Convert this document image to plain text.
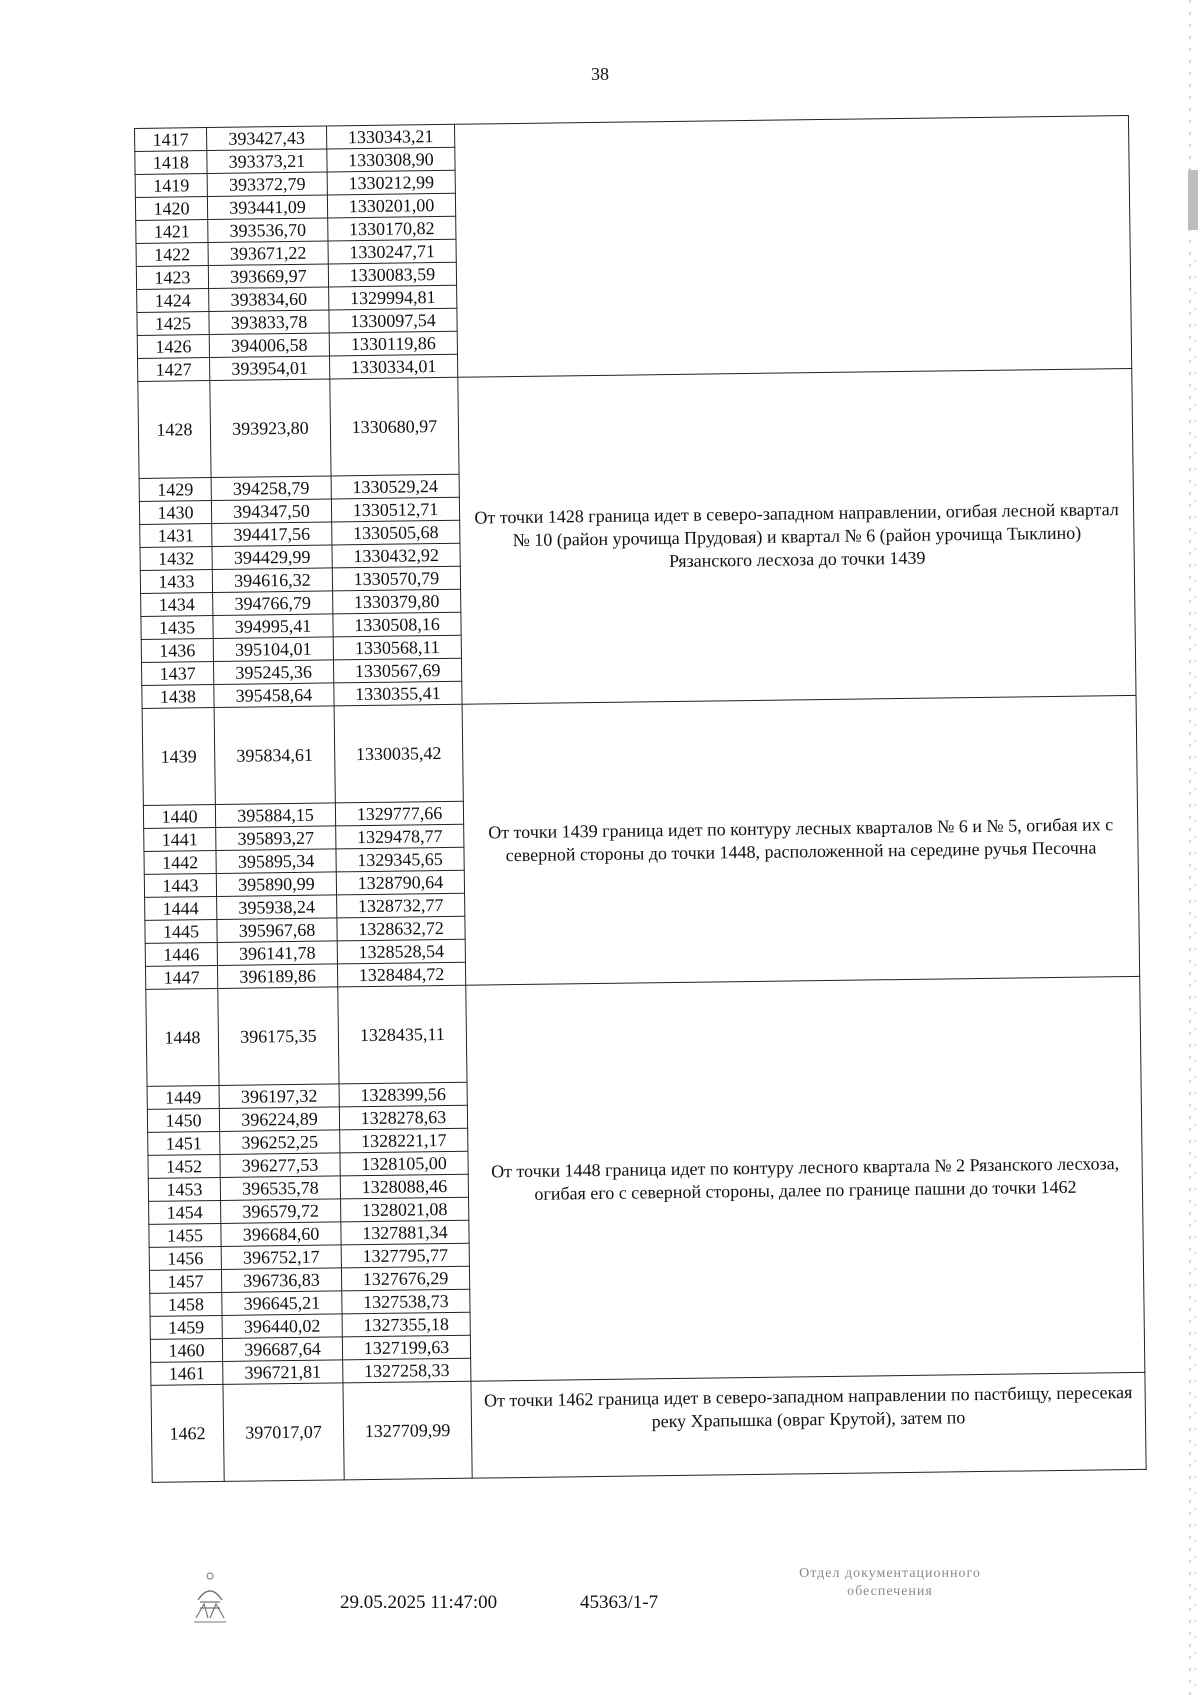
38
1417	393427,43	1330343,21	
1418	393373,21	1330308,90	
1419	393372,79	1330212,99	
1420	393441,09	1330201,00	
1421	393536,70	1330170,82	
1422	393671,22	1330247,71	
1423	393669,97	1330083,59	
1424	393834,60	1329994,81	
1425	393833,78	1330097,54	
1426	394006,58	1330119,86	
1427	393954,01	1330334,01	
1428	393923,80	1330680,97	От точки 1428 граница идет в северо-западном направлении, огибая лесной квартал № 10 (район урочища Прудовая) и квартал № 6 (район урочища Тыклино) Рязанского лесхоза до точки 1439
1429	394258,79	1330529,24	
1430	394347,50	1330512,71	
1431	394417,56	1330505,68	
1432	394429,99	1330432,92	
1433	394616,32	1330570,79	
1434	394766,79	1330379,80	
1435	394995,41	1330508,16	
1436	395104,01	1330568,11	
1437	395245,36	1330567,69	
1438	395458,64	1330355,41	
1439	395834,61	1330035,42	От точки 1439 граница идет по контуру лесных кварталов № 6 и № 5, огибая их с северной стороны до точки 1448, расположенной на середине ручья Песочна
1440	395884,15	1329777,66	
1441	395893,27	1329478,77	
1442	395895,34	1329345,65	
1443	395890,99	1328790,64	
1444	395938,24	1328732,77	
1445	395967,68	1328632,72	
1446	396141,78	1328528,54	
1447	396189,86	1328484,72	
1448	396175,35	1328435,11	От точки 1448 граница идет по контуру лесного квартала № 2 Рязанского лесхоза, огибая его с северной стороны, далее по границе пашни до точки 1462
1449	396197,32	1328399,56	
1450	396224,89	1328278,63	
1451	396252,25	1328221,17	
1452	396277,53	1328105,00	
1453	396535,78	1328088,46	
1454	396579,72	1328021,08	
1455	396684,60	1327881,34	
1456	396752,17	1327795,77	
1457	396736,83	1327676,29	
1458	396645,21	1327538,73	
1459	396440,02	1327355,18	
1460	396687,64	1327199,63	
1461	396721,81	1327258,33	
1462	397017,07	1327709,99	От точки 1462 граница идет в северо-западном направлении по пастбищу, пересекая реку Храпышка (овраг Крутой), затем по
29.05.2025 11:47:00	45363/1-7
Отдел документационного
обеспечения
